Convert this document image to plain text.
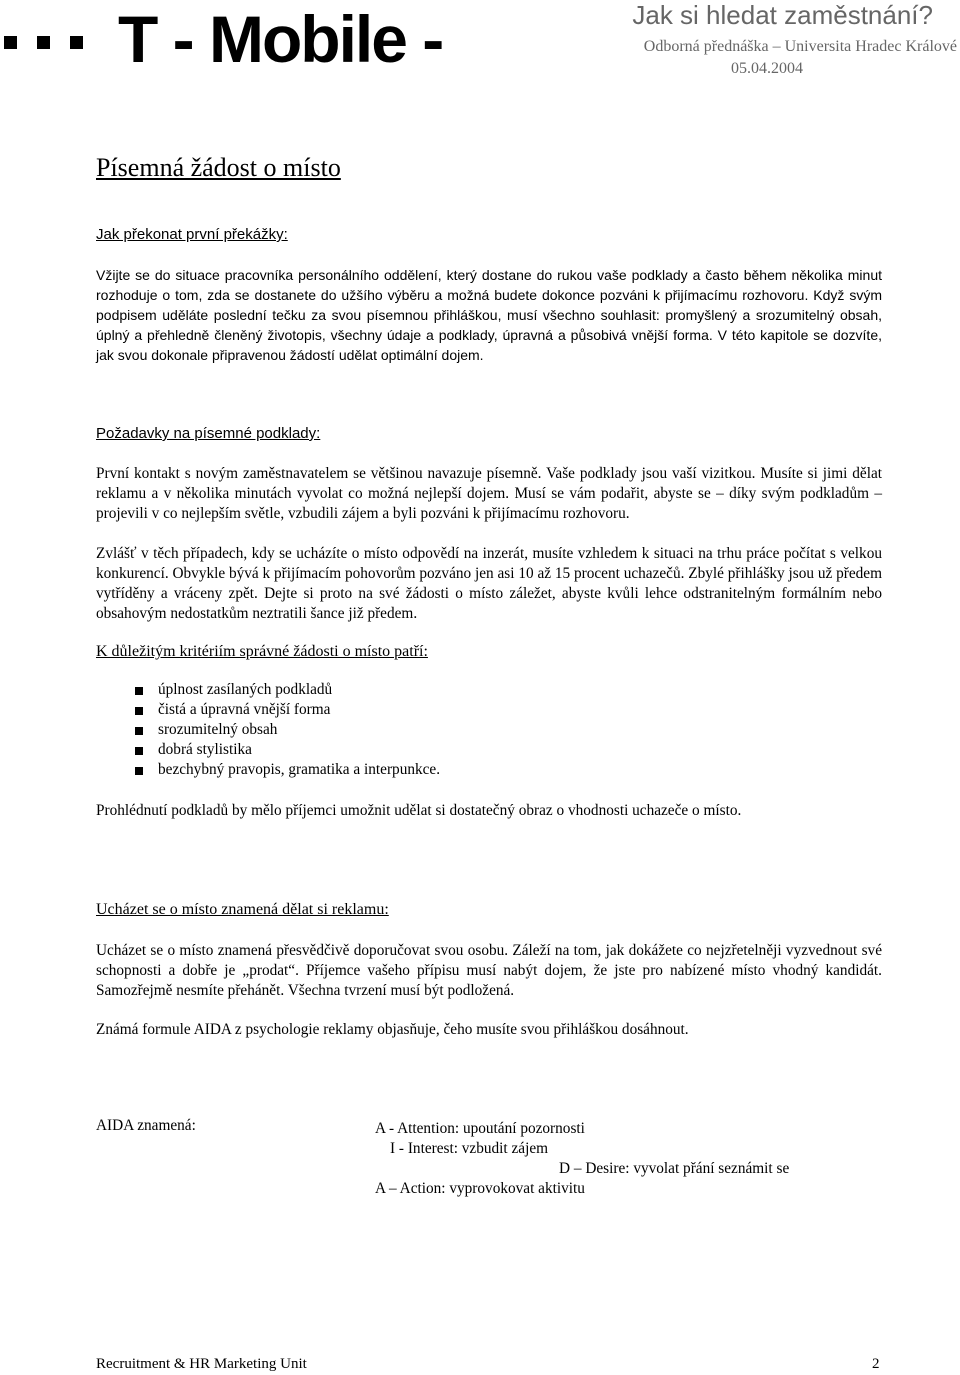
T - Mobile -	Jak si hledat zaměstnání?
Odborná přednáška – Universita Hradec Králové
05.04.2004
Písemná žádost o místo
Jak překonat první překážky:
Vžijte se do situace pracovníka personálního oddělení, který dostane do rukou vaše podklady a často během několika minut rozhoduje o tom, zda se dostanete do užšího výběru a možná budete dokonce pozváni k přijímacímu rozhovoru. Když svým podpisem uděláte poslední tečku za svou písemnou přihláškou, musí všechno souhlasit: promyšlený a srozumitelný obsah, úplný a přehledně členěný životopis, všechny údaje a podklady, úpravná a působivá vnější forma. V této kapitole se dozvíte, jak svou dokonale připravenou žádostí udělat optimální dojem.
Požadavky na písemné podklady:
První kontakt s novým zaměstnavatelem se většinou navazuje písemně. Vaše podklady jsou vaší vizitkou. Musíte si jimi dělat reklamu a v několika minutách vyvolat co možná nejlepší dojem. Musí se vám podařit, abyste se – díky svým podkladům – projevili v co nejlepším světle, vzbudili zájem a byli pozváni k přijímacímu rozhovoru.
Zvlášť v těch případech, kdy se ucházíte o místo odpovědí na inzerát, musíte vzhledem k situaci na trhu práce počítat s velkou konkurencí. Obvykle bývá k přijímacím pohovorům pozváno jen asi 10 až 15 procent uchazečů. Zbylé přihlášky jsou už předem vytříděny a vráceny zpět. Dejte si proto na své žádosti o místo záležet, abyste kvůli lehce odstranitelným formálním nebo obsahovým nedostatkům neztratili šance již předem.
K důležitým kritériím správné žádosti o místo patří:
úplnost zasílaných podkladů
čistá a úpravná vnější forma
srozumitelný obsah
dobrá stylistika
bezchybný pravopis, gramatika a interpunkce.
Prohlédnutí podkladů by mělo příjemci umožnit udělat si dostatečný obraz o vhodnosti uchazeče o místo.
Ucházet se o místo znamená dělat si reklamu:
Ucházet se o místo znamená přesvědčivě doporučovat svou osobu. Záleží na tom, jak dokážete co nejzřetelněji vyzvednout své schopnosti a dobře je „prodat“. Příjemce vašeho přípisu musí nabýt dojem, že jste pro nabízené místo vhodný kandidát. Samozřejmě nesmíte přehánět. Všechna tvrzení musí být podložená.
Známá formule AIDA z psychologie reklamy objasňuje, čeho musíte svou přihláškou dosáhnout.
AIDA znamená:	A - Attention: upoutání pozornosti
I - Interest: vzbudit zájem
D – Desire: vyvolat přání seznámit se
A – Action: vyprovokovat aktivitu
Recruitment & HR Marketing Unit	2
